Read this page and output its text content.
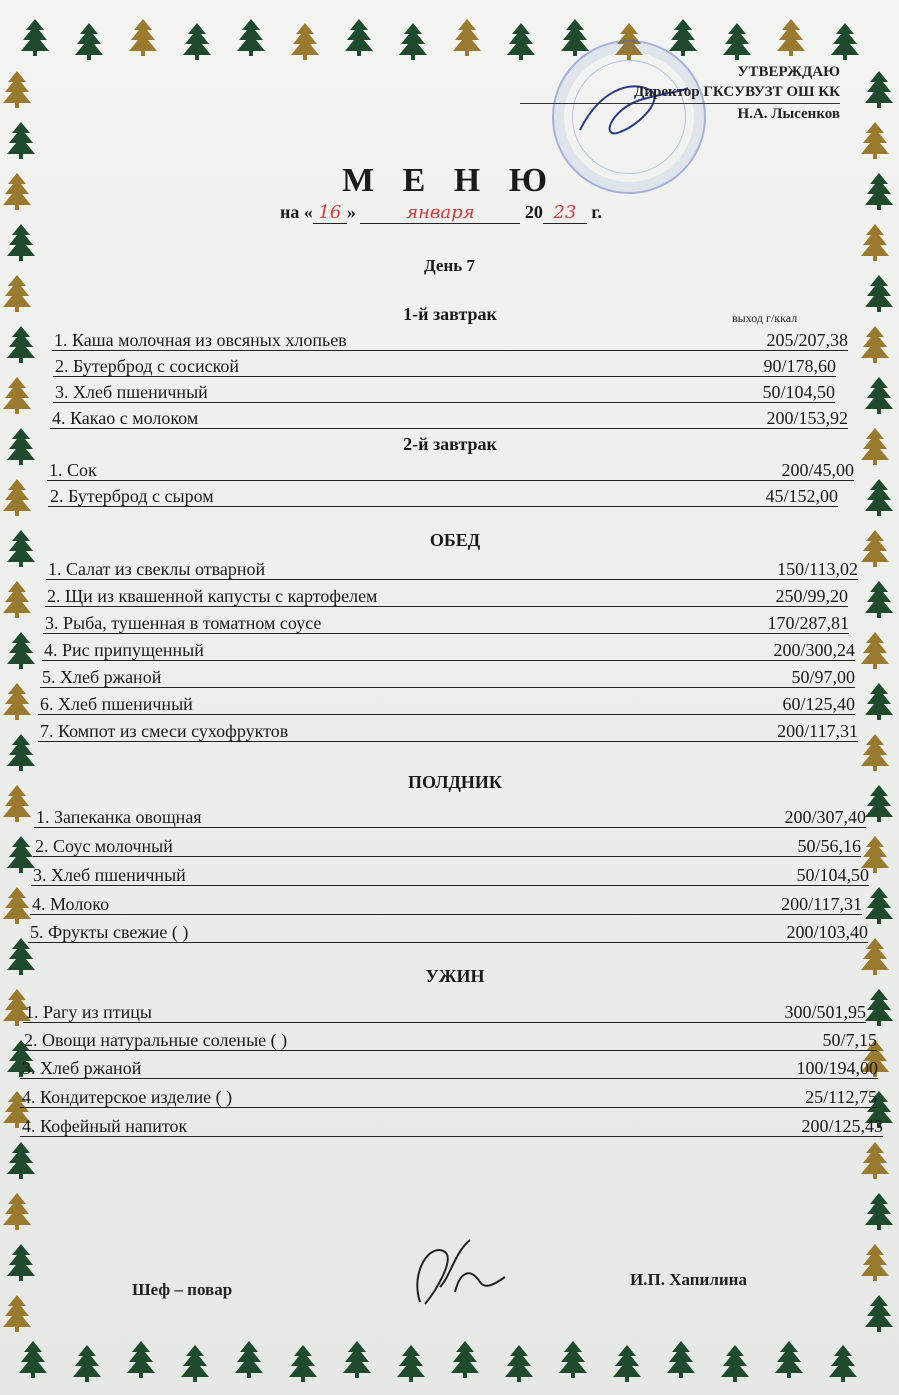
УТВЕРЖДАЮ
Директор ГКСУВУЗТ ОШ КК
Н.А. Лысенков
М Е Н Ю
на « 16 »	января	20 23 г.
День 7
выход г/ккал
1-й завтрак
1. Каша молочная из овсяных хлопьев	205/207,38
2. Бутерброд с сосиской	90/178,60
3. Хлеб пшеничный	50/104,50
4. Какао с молоком	200/153,92
2-й завтрак
1. Сок	200/45,00
2. Бутерброд с сыром	45/152,00
ОБЕД
1. Салат из свеклы отварной	150/113,02
2. Щи из квашенной капусты с картофелем	250/99,20
3. Рыба, тушенная в томатном соусе	170/287,81
4. Рис припущенный	200/300,24
5. Хлеб ржаной	50/97,00
6. Хлеб пшеничный	60/125,40
7. Компот из смеси сухофруктов	200/117,31
ПОЛДНИК
1. Запеканка овощная	200/307,40
2. Соус молочный	50/56,16
3. Хлеб пшеничный	50/104,50
4. Молоко	200/117,31
5. Фрукты свежие ( )	200/103,40
УЖИН
1. Рагу из птицы	300/501,95
2. Овощи натуральные соленые ( )	50/7,15
3. Хлеб ржаной	100/194,00
4. Кондитерское изделие ( )	25/112,75
4. Кофейный напиток	200/125,43
Шеф – повар
И.П. Хапилина
